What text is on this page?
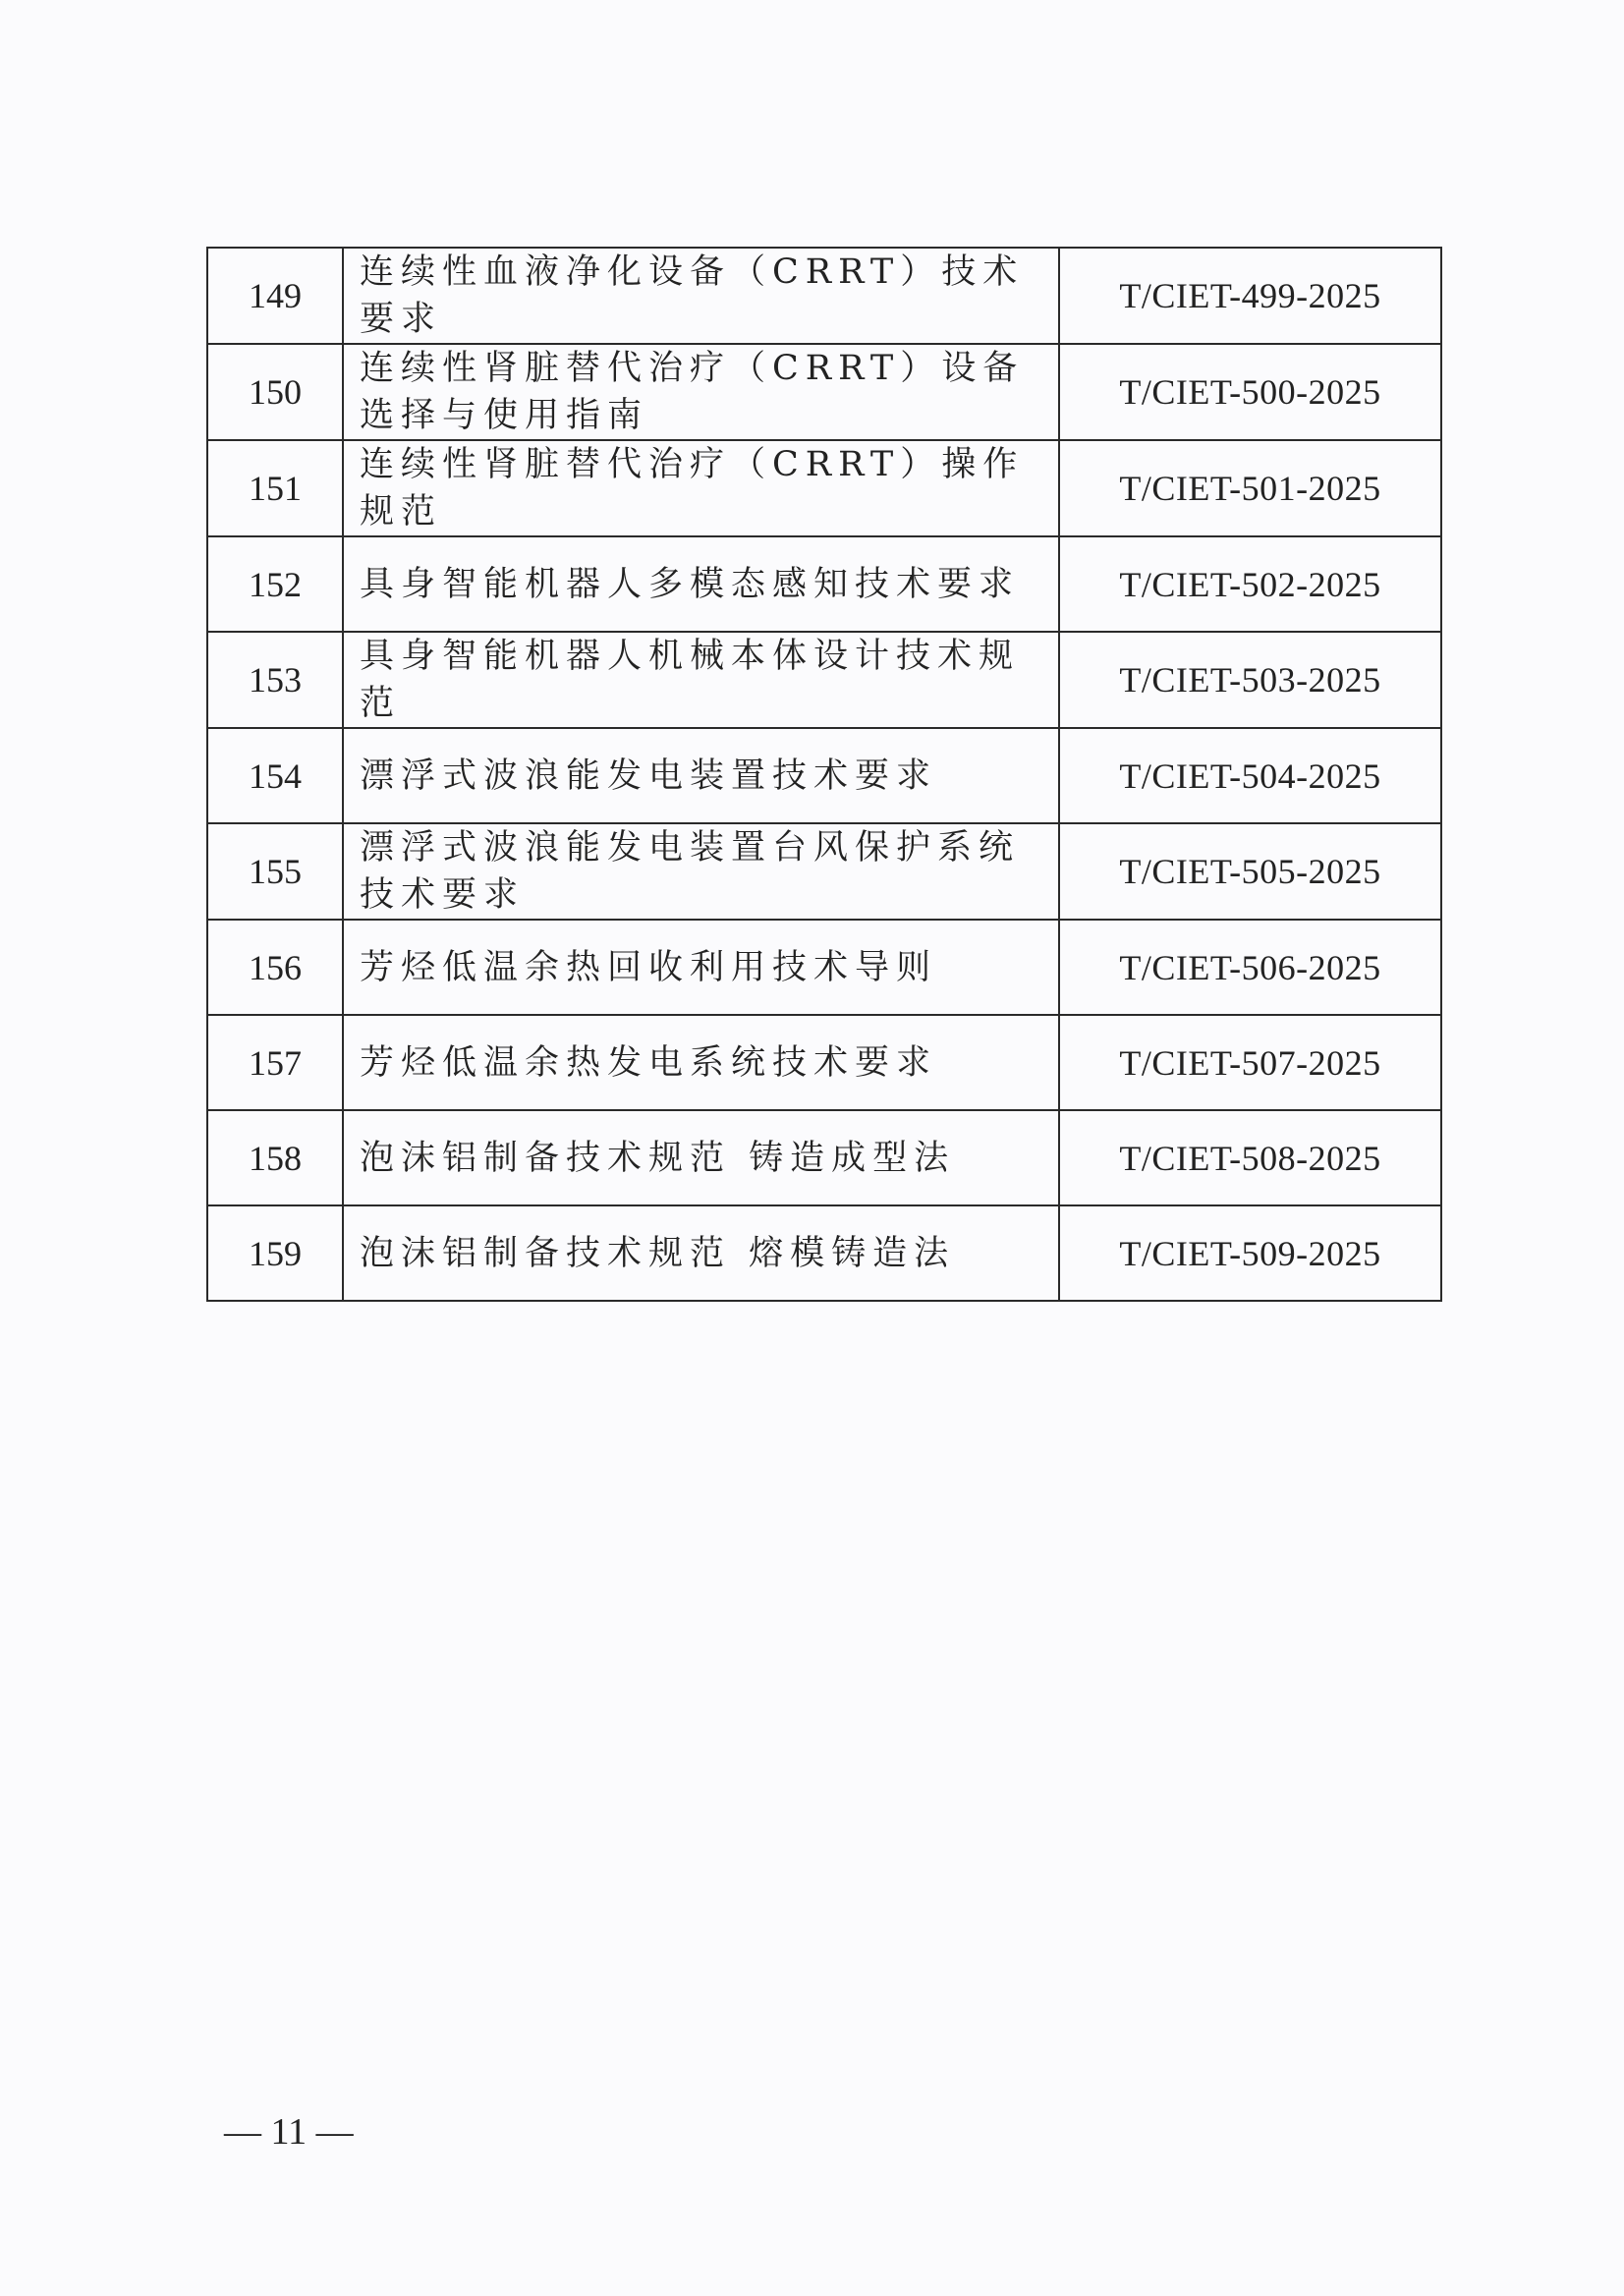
149	连续性血液净化设备（CRRT）技术要求	T/CIET-499-2025
150	连续性肾脏替代治疗（CRRT）设备选择与使用指南	T/CIET-500-2025
151	连续性肾脏替代治疗（CRRT）操作规范	T/CIET-501-2025
152	具身智能机器人多模态感知技术要求	T/CIET-502-2025
153	具身智能机器人机械本体设计技术规范	T/CIET-503-2025
154	漂浮式波浪能发电装置技术要求	T/CIET-504-2025
155	漂浮式波浪能发电装置台风保护系统技术要求	T/CIET-505-2025
156	芳烃低温余热回收利用技术导则	T/CIET-506-2025
157	芳烃低温余热发电系统技术要求	T/CIET-507-2025
158	泡沫铝制备技术规范 铸造成型法	T/CIET-508-2025
159	泡沫铝制备技术规范 熔模铸造法	T/CIET-509-2025
— 11 —
